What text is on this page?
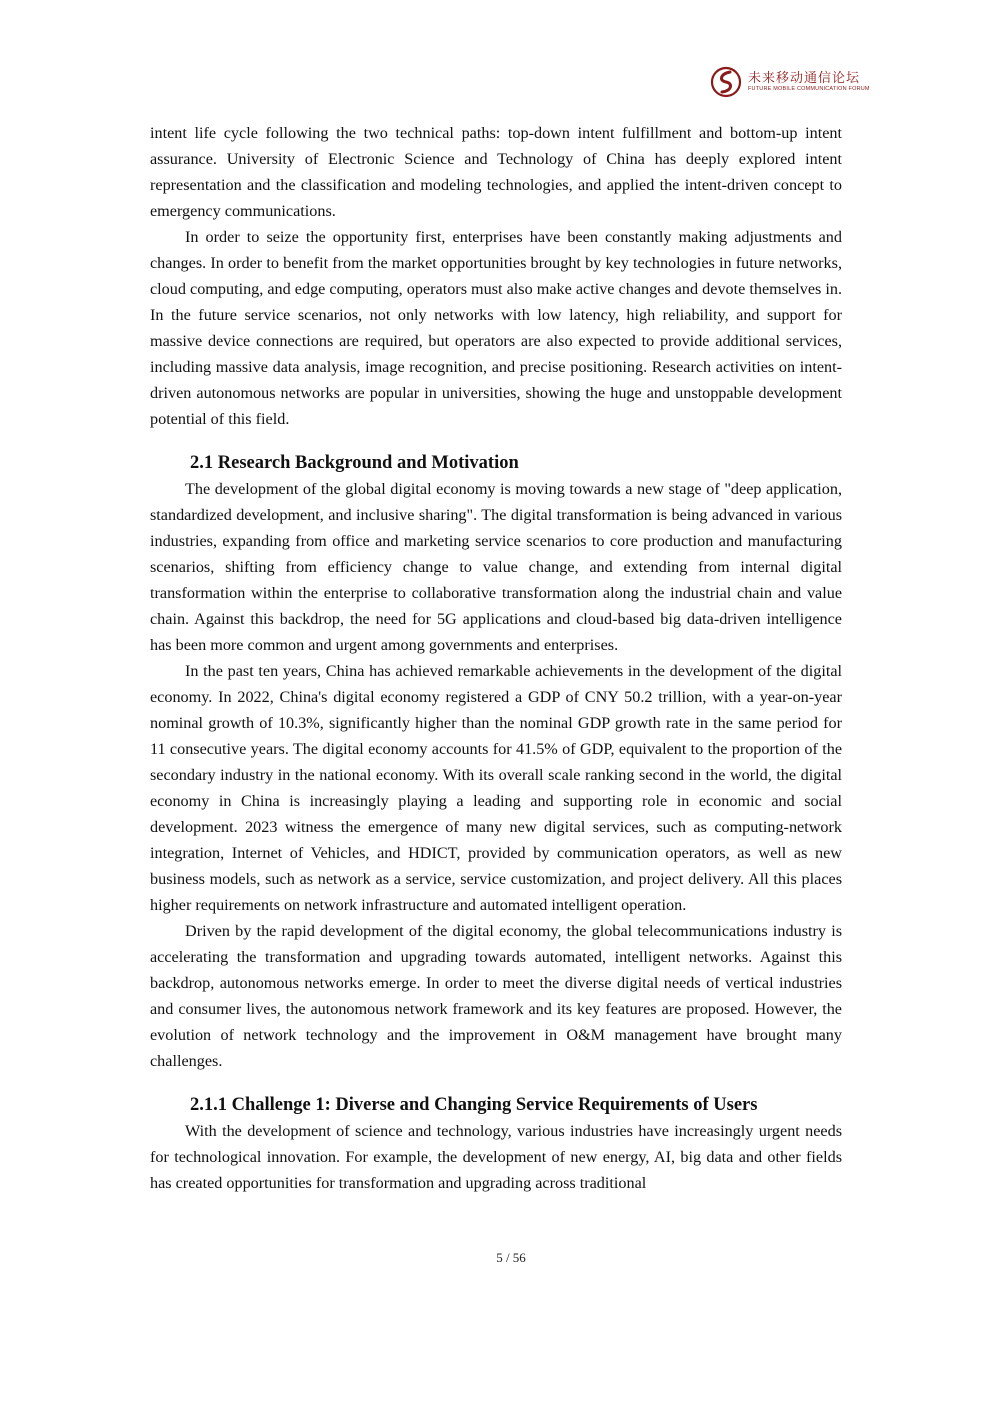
未来移动通信论坛
FUTURE MOBILE COMMUNICATION FORUM

intent life cycle following the two technical paths: top-down intent fulfillment and bottom-up intent assurance. University of Electronic Science and Technology of China has deeply explored intent representation and the classification and modeling technologies, and applied the intent-driven concept to emergency communications.

In order to seize the opportunity first, enterprises have been constantly making adjustments and changes. In order to benefit from the market opportunities brought by key technologies in future networks, cloud computing, and edge computing, operators must also make active changes and devote themselves in. In the future service scenarios, not only networks with low latency, high reliability, and support for massive device connections are required, but operators are also expected to provide additional services, including massive data analysis, image recognition, and precise positioning. Research activities on intent-driven autonomous networks are popular in universities, showing the huge and unstoppable development potential of this field.

2.1 Research Background and Motivation

The development of the global digital economy is moving towards a new stage of "deep application, standardized development, and inclusive sharing". The digital transformation is being advanced in various industries, expanding from office and marketing service scenarios to core production and manufacturing scenarios, shifting from efficiency change to value change, and extending from internal digital transformation within the enterprise to collaborative transformation along the industrial chain and value chain. Against this backdrop, the need for 5G applications and cloud-based big data-driven intelligence has been more common and urgent among governments and enterprises.

In the past ten years, China has achieved remarkable achievements in the development of the digital economy. In 2022, China's digital economy registered a GDP of CNY 50.2 trillion, with a year-on-year nominal growth of 10.3%, significantly higher than the nominal GDP growth rate in the same period for 11 consecutive years. The digital economy accounts for 41.5% of GDP, equivalent to the proportion of the secondary industry in the national economy. With its overall scale ranking second in the world, the digital economy in China is increasingly playing a leading and supporting role in economic and social development. 2023 witness the emergence of many new digital services, such as computing-network integration, Internet of Vehicles, and HDICT, provided by communication operators, as well as new business models, such as network as a service, service customization, and project delivery. All this places higher requirements on network infrastructure and automated intelligent operation.

Driven by the rapid development of the digital economy, the global telecommunications industry is accelerating the transformation and upgrading towards automated, intelligent networks. Against this backdrop, autonomous networks emerge. In order to meet the diverse digital needs of vertical industries and consumer lives, the autonomous network framework and its key features are proposed. However, the evolution of network technology and the improvement in O&M management have brought many challenges.

2.1.1 Challenge 1: Diverse and Changing Service Requirements of Users

With the development of science and technology, various industries have increasingly urgent needs for technological innovation. For example, the development of new energy, AI, big data and other fields has created opportunities for transformation and upgrading across traditional

5 / 56
